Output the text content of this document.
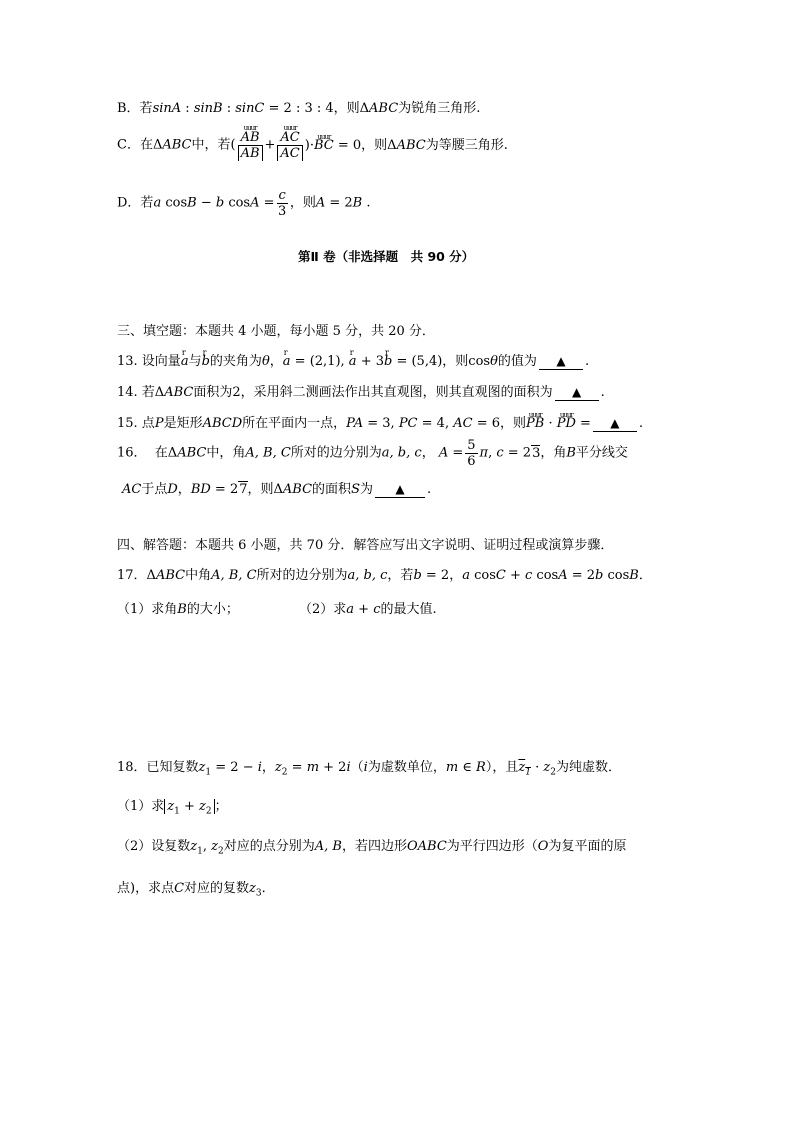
B．若sinA : sinB : sinC = 2 : 3 : 4，则ΔABC为锐角三角形.
C．在ΔABC中，若( uuur $\frac{AB}{AB}$ + uuur $\frac{AC}{AC}$ )·uuur BC = 0，则ΔABC为等腰三角形.
D．若a cosB − b $\cos A = \frac{c}{3}$ ，则A = 2B .
第Ⅱ 卷（非选择题　共 90 分）
三、填空题：本题共 4 小题，每小题 5 分，共 20 分．
13. 设向量r a与r b的夹角为θ，r a = (2,1), r a + 3r b = (5,4)，则cosθ的值为 ▲ .
14. 若ΔABC面积为2，采用斜二测画法作出其直观图，则其直观图的面积为 ▲ .
15. 点P是矩形ABCD所在平面内一点，PA = 3, PC = 4, AC = 6，则uuur PB · uuur PD = ▲ .
16．  在ΔABC中，角A, B, C所对的边分别为a, b, c， $A = \frac{5}{6} \pi$, c = 23，角B平分线交
AC于点D，BD = 27，则ΔABC的面积S为 ▲ .
四、解答题：本题共 6 小题，共 70 分．解答应写出文字说明、证明过程或演算步骤．
17．ΔABC中角A, B, C所对的边分别为a, b, c，若b = 2，a cosC + c cosA = 2b cosB．
（1）求角B的大小；	（2）求a + c的最大值.
18．已知复数$z_1 = 2 - i$，$z_2 = m + 2i(i$为虚数单位，m ∈ R），且$z_1 \cdot z_2$为纯虚数．
（1）求 $z_1 + z_2$ ；
（2）设复数$z_1$, $z_2$对应的点分别为A, B，若四边形OABC为平行四边形（O为复平面的原
点)，求点C对应的复数$z_3$．
